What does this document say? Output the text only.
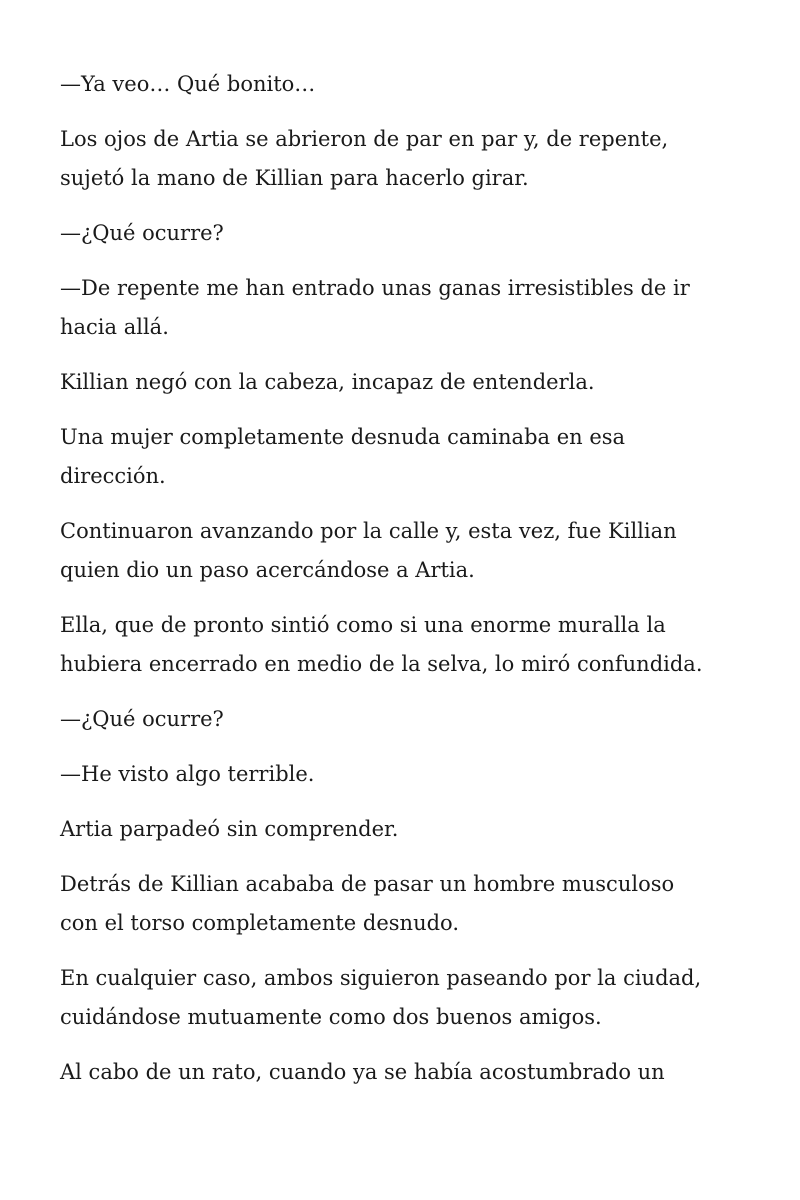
—Ya veo… Qué bonito…

Los ojos de Artia se abrieron de par en par y, de repente,
sujetó la mano de Killian para hacerlo girar.

—¿Qué ocurre?

—De repente me han entrado unas ganas irresistibles de ir
hacia allá.

Killian negó con la cabeza, incapaz de entenderla.

Una mujer completamente desnuda caminaba en esa
dirección.

Continuaron avanzando por la calle y, esta vez, fue Killian
quien dio un paso acercándose a Artia.

Ella, que de pronto sintió como si una enorme muralla la
hubiera encerrado en medio de la selva, lo miró confundida.

—¿Qué ocurre?

—He visto algo terrible.

Artia parpadeó sin comprender.

Detrás de Killian acababa de pasar un hombre musculoso
con el torso completamente desnudo.

En cualquier caso, ambos siguieron paseando por la ciudad,
cuidándose mutuamente como dos buenos amigos.

Al cabo de un rato, cuando ya se había acostumbrado un
